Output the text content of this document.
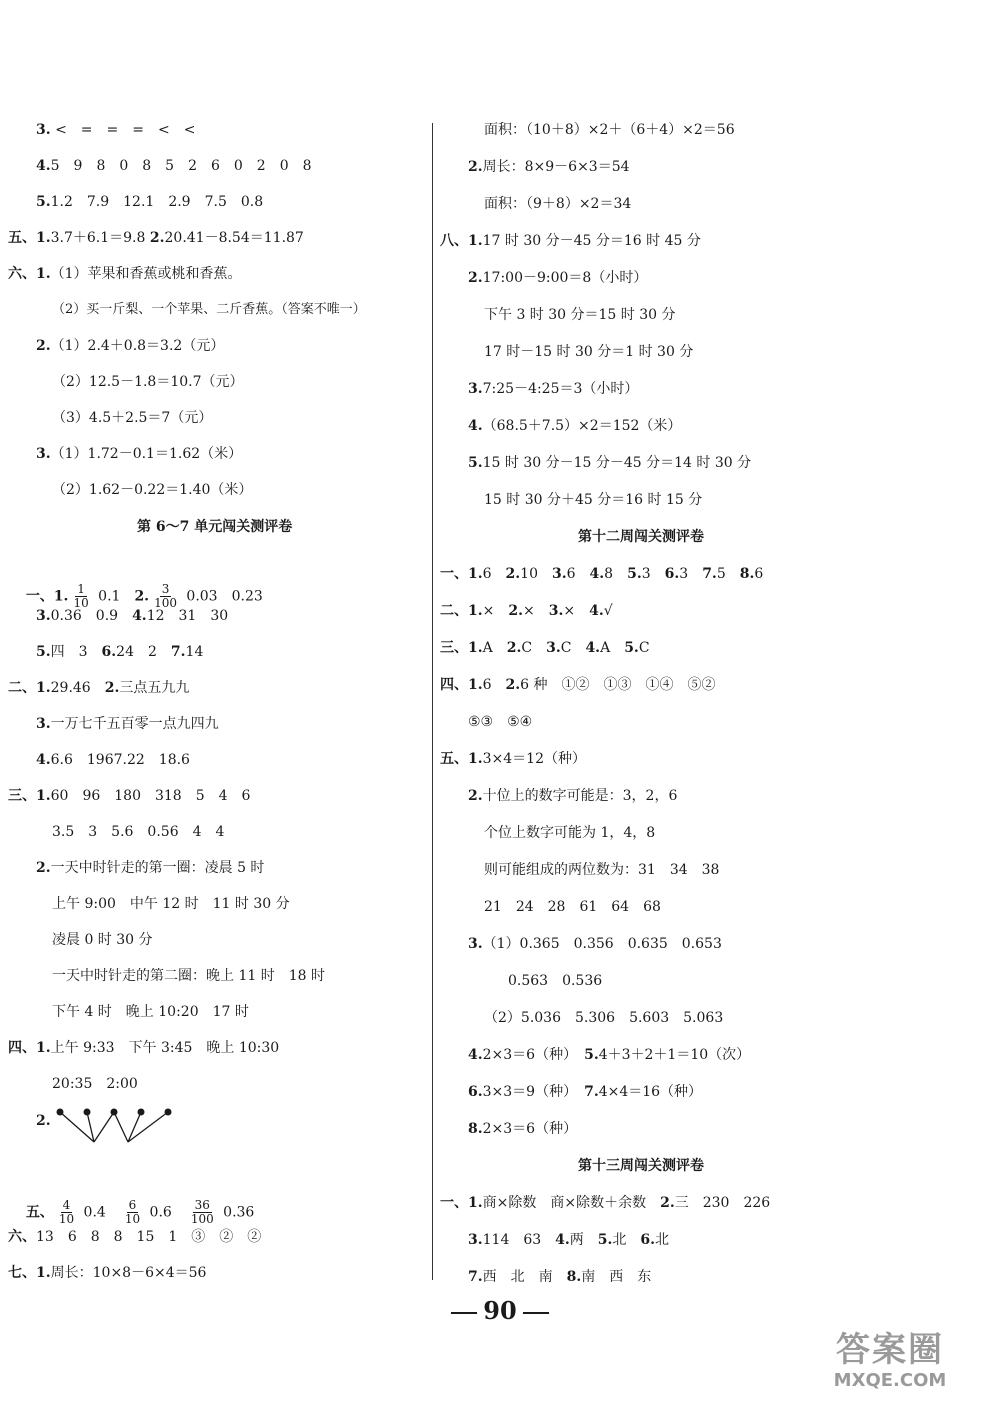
3. <　=　=　=　<　<
4.5　9　8　0　8　5　2　6　0　2　0　8
5.1.2　7.9　12.1　2.9　7.5　0.8
五、1.3.7＋6.1＝9.8 2.20.41－8.54＝11.87
六、1.（1）苹果和香蕉或桃和香蕉。
（2）买一斤梨、一个苹果、二斤香蕉。（答案不唯一）
2.（1）2.4＋0.8＝3.2（元）
（2）12.5－1.8＝10.7（元）
（3）4.5＋2.5＝7（元）
3.（1）1.72－0.1＝1.62（米）
（2）1.62－0.22＝1.40（米）
第 6～7 单元闯关测评卷

一、1. $\frac{1}{10} 0.1$　 2. $\frac{3}{100} 0.03$　0.23

3.0.36　0.9　 4.12　31　30
5.四　3　 6.24　2　 7.14
二、1.29.46　 2.三点五九九
3.一万七千五百零一点九四九
4.6.6　1967.22　18.6
三、1.60　96　180　318　5　4　6
3.5　3　5.6　0.56　4　4
2.一天中时针走的第一圈：凌晨 5 时
上午 9:00　中午 12 时　11 时 30 分
凌晨 0 时 30 分
一天中时针走的第二圈：晚上 11 时　18 时
下午 4 时　晚上 10:20　17 时
四、1.上午 9:33　下午 3:45　晚上 10:30
20:35　2:00
2.

五、 $\frac{4}{10} 0.4$　 $\frac{6}{10} 0.6$　 $\frac{36}{100} 0.36$

六、13　6　8　8　15　1　③　②　②
七、1.周长：10×8－6×4＝56
面积：（10＋8）×2＋（6＋4）×2＝56
2.周长：8×9－6×3＝54
面积：（9＋8）×2＝34
八、1.17 时 30 分－45 分＝16 时 45 分
2.17:00－9:00＝8（小时）
下午 3 时 30 分＝15 时 30 分
17 时－15 时 30 分＝1 时 30 分
3.7:25－4:25＝3（小时）
4.（68.5＋7.5）×2＝152（米）
5.15 时 30 分－15 分－45 分＝14 时 30 分
15 时 30 分＋45 分＝16 时 15 分
第十二周闯关测评卷
一、1.6　 2.10　 3.6　 4.8　 5.3　 6.3　 7.5　 8.6
二、1.×　 2.×　 3.×　 4.√
三、1.A　 2.C　 3.C　 4.A　 5.C
四、1.6　 2.6 种　①②　①③　①④　⑤②
⑤③　⑤④
五、1.3×4＝12（种）
2.十位上的数字可能是：3，2，6
个位上数字可能为 1，4，8
则可能组成的两位数为：31　34　38
21　24　28　61　64　68
3.（1）0.365　0.356　0.635　0.653
0.563　0.536
（2）5.036　5.306　5.603　5.063
4.2×3＝6（种）　 5.4＋3＋2＋1＝10（次）
6.3×3＝9（种）　 7.4×4＝16（种）
8.2×3＝6（种）
第十三周闯关测评卷
一、1.商×除数　商×除数＋余数　 2.三　230　226
3.114　63　 4.两　 5.北　 6.北
7.西　北　南　 8.南　西　东
90
答案圈
MXQE.COM
